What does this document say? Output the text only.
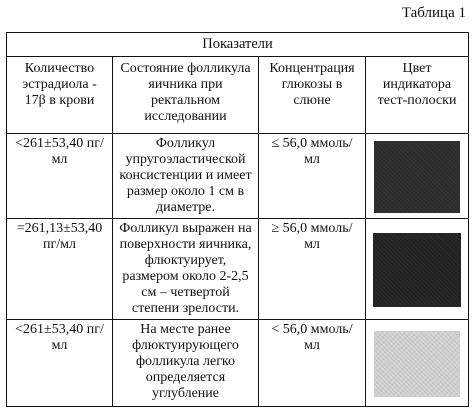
Таблица 1
Показатели			
Количество эстрадиола - 17β в крови	Состояние фолликула яичника при ректальном исследовании	Концентрация глюкозы в слюне	Цвет индикатора тест-полоски
<261±53,40 пг/мл	Фолликул упругоэластической консистенции и имеет размер около 1 см в диаметре.	≤ 56,0 ммоль/мл	

=261,13±53,40 пг/мл	Фолликул выражен на поверхности яичника, флюктуирует, размером около 2-2,5 см – четвертой степени зрелости.	≥ 56,0 ммоль/мл	

<261±53,40 пг/мл	На месте ранее флюктуирующего фолликула легко определяется углубление	< 56,0 ммоль/мл	
